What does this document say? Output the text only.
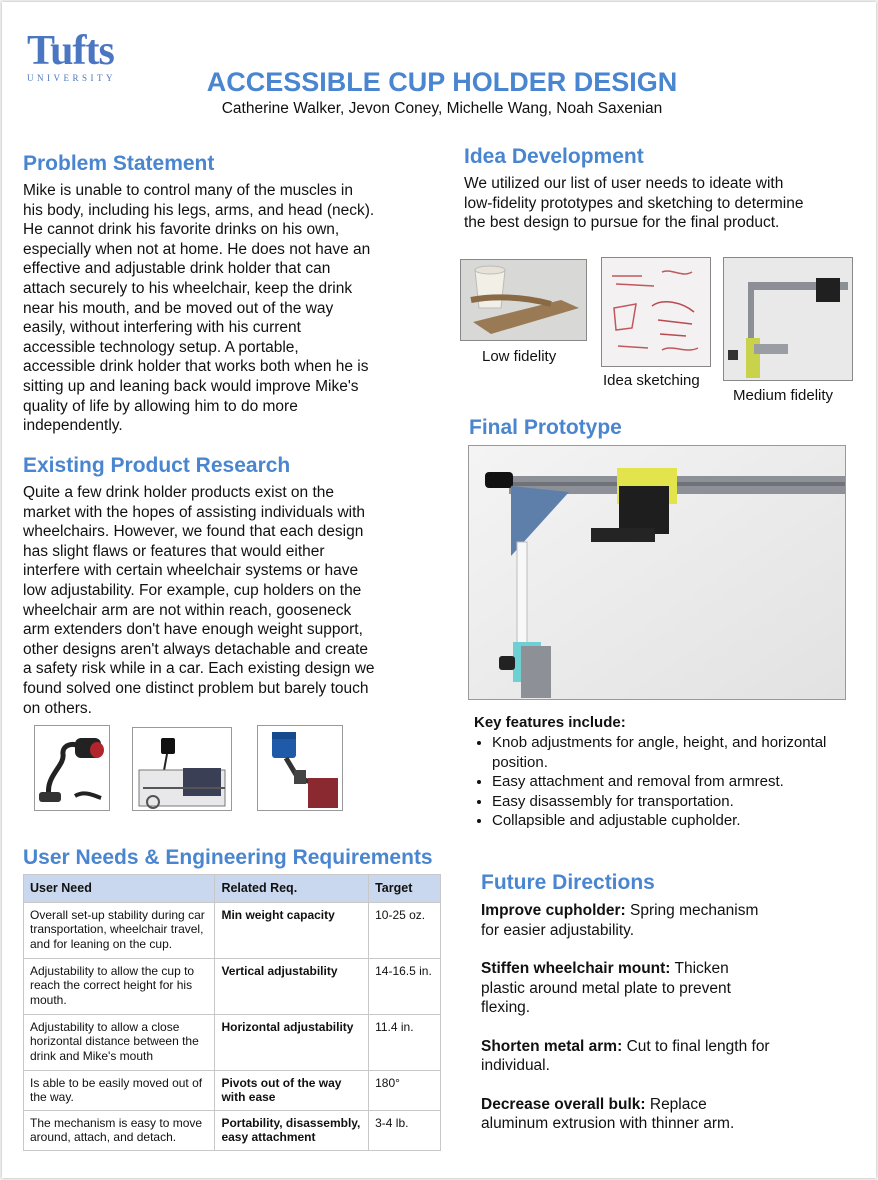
Tufts
UNIVERSITY	ACCESSIBLE CUP HOLDER DESIGN
Catherine Walker, Jevon Coney, Michelle Wang, Noah Saxenian
Problem Statement
Mike is unable to control many of the muscles in
his body, including his legs, arms, and head (neck).
He cannot drink his favorite drinks on his own,
especially when not at home. He does not have an
effective and adjustable drink holder that can
attach securely to his wheelchair, keep the drink
near his mouth, and be moved out of the way
easily, without interfering with his current
accessible technology setup. A portable,
accessible drink holder that works both when he is
sitting up and leaning back would improve Mike's
quality of life by allowing him to do more
independently.
Existing Product Research
Quite a few drink holder products exist on the
market with the hopes of assisting individuals with
wheelchairs. However, we found that each design
has slight flaws or features that would either
interfere with certain wheelchair systems or have
low adjustability. For example, cup holders on the
wheelchair arm are not within reach, gooseneck
arm extenders don't have enough weight support,
other designs aren't always detachable and create
a safety risk while in a car. Each existing design we
found solved one distinct problem but barely touch
on others.
User Needs & Engineering Requirements
User Need	Related Req.	Target
Overall set-up stability during car transportation, wheelchair travel, and for leaning on the cup.	Min weight capacity	10-25 oz.
Adjustability to allow the cup to reach the correct height for his mouth.	Vertical adjustability	14-16.5 in.
Adjustability to allow a close horizontal distance between the drink and Mike's mouth	Horizontal adjustability	11.4 in.
Is able to be easily moved out of the way.	Pivots out of the way with ease	180°
The mechanism is easy to move around, attach, and detach.	Portability, disassembly, easy attachment	3-4 lb.
Idea Development
We utilized our list of user needs to ideate with
low-fidelity prototypes and sketching to determine
the best design to pursue for the final product.
Low fidelity
Idea sketching
Medium fidelity
Final Prototype
Key features include:
• Knob adjustments for angle, height, and horizontal position.
• Easy attachment and removal from armrest.
• Easy disassembly for transportation.
• Collapsible and adjustable cupholder.
Future Directions

Improve cupholder: Spring mechanism for easier adjustability.

Stiffen wheelchair mount: Thicken plastic around metal plate to prevent flexing.

Shorten metal arm: Cut to final length for individual.

Decrease overall bulk: Replace aluminum extrusion with thinner arm.
